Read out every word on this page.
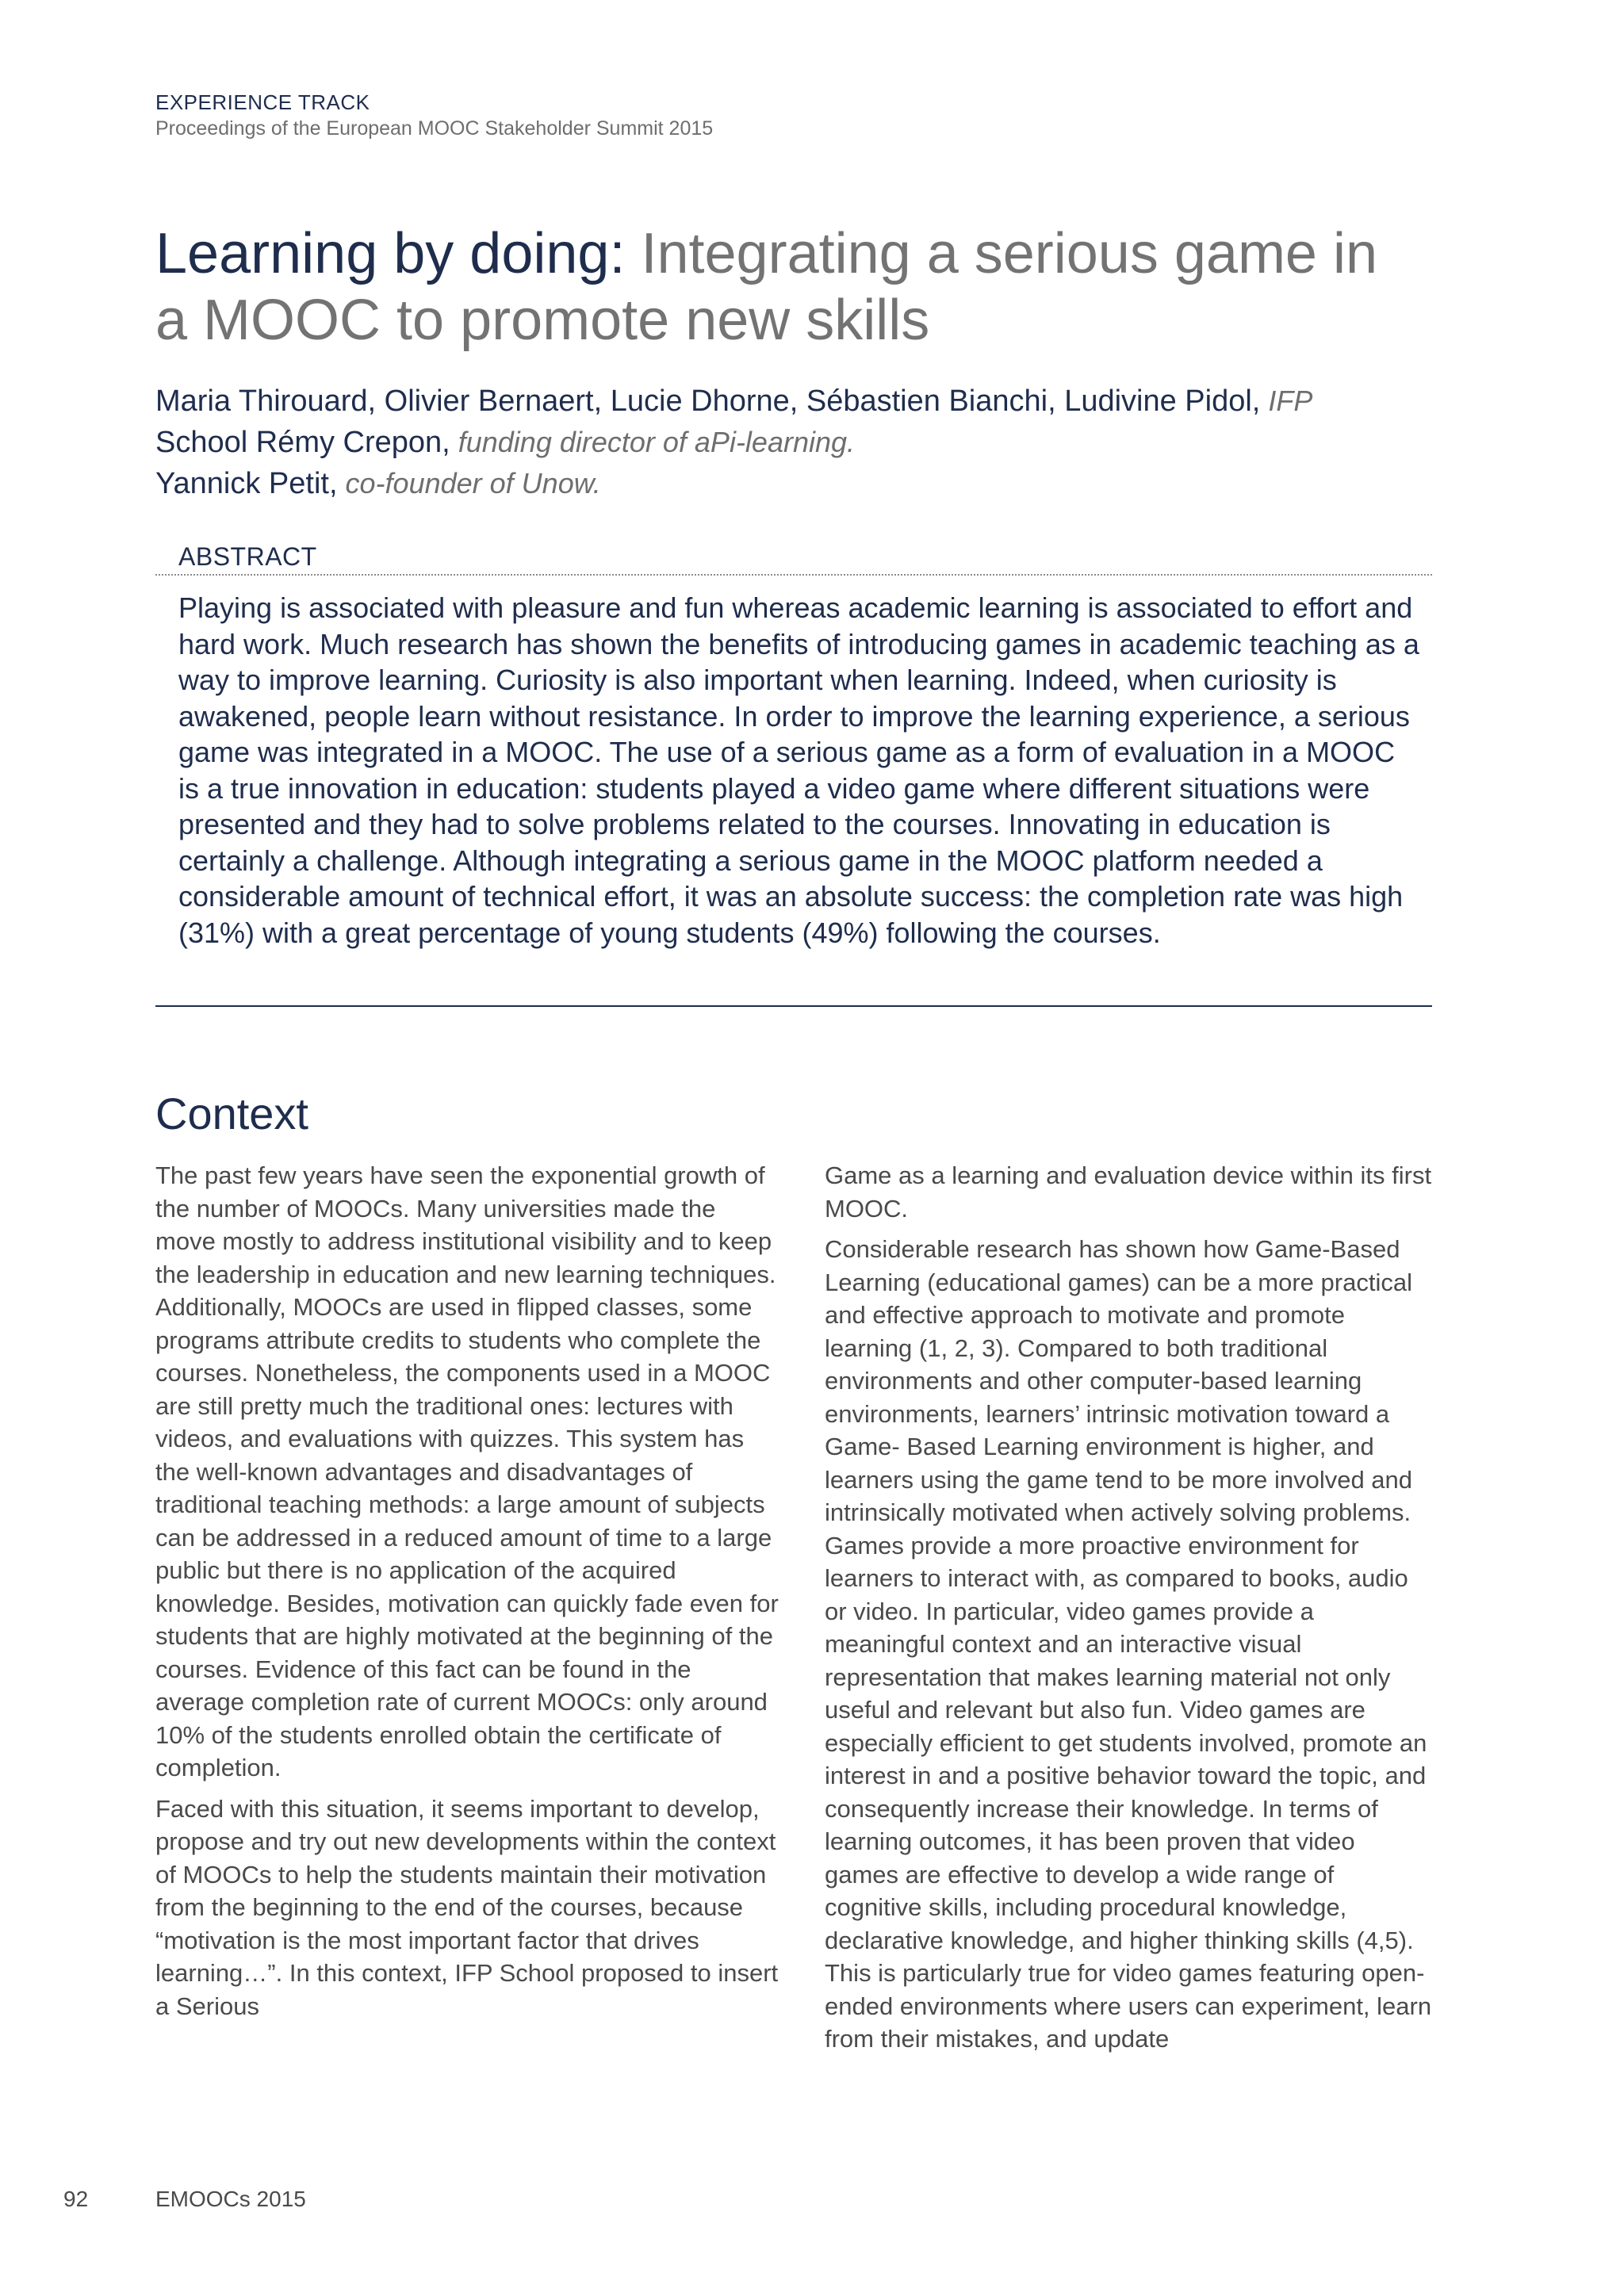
EXPERIENCE TRACK
Proceedings of the European MOOC Stakeholder Summit 2015
Learning by doing: Integrating a serious game in a MOOC to promote new skills
Maria Thirouard, Olivier Bernaert, Lucie Dhorne, Sébastien Bianchi, Ludivine Pidol, IFP
School Rémy Crepon, funding director of aPi-learning.
Yannick Petit, co-founder of Unow.
ABSTRACT

Playing is associated with pleasure and fun whereas academic learning is associated to effort and hard work. Much research has shown the benefits of introducing games in academic teaching as a way to improve learning. Curiosity is also important when learning. Indeed, when curiosity is awakened, people learn without resistance. In order to improve the learning experience, a serious game was integrated in a MOOC. The use of a serious game as a form of evaluation in a MOOC is a true innovation in education: students played a video game where different situations were presented and they had to solve problems related to the courses. Innovating in education is certainly a challenge. Although integrating a serious game in the MOOC platform needed a considerable amount of technical effort, it was an absolute success: the completion rate was high (31%) with a great percentage of young students (49%) following the courses.

Context

The past few years have seen the exponential growth of the number of MOOCs. Many universities made the move mostly to address institutional visibility and to keep the leadership in education and new learning techniques. Additionally, MOOCs are used in flipped classes, some programs attribute credits to students who complete the courses. Nonetheless, the components used in a MOOC are still pretty much the traditional ones: lectures with videos, and evaluations with quizzes. This system has the well-known advantages and disadvantages of traditional teaching methods: a large amount of subjects can be addressed in a reduced amount of time to a large public but there is no application of the acquired knowledge. Besides, motivation can quickly fade even for students that are highly motivated at the beginning of the courses. Evidence of this fact can be found in the average completion rate of current MOOCs: only around 10% of the students enrolled obtain the certificate of completion.

Faced with this situation, it seems important to develop, propose and try out new developments within the context of MOOCs to help the students maintain their motivation from the beginning to the end of the courses, because “motivation is the most important factor that drives learning…”. In this context, IFP School proposed to insert a Serious

Game as a learning and evaluation device within its first MOOC.

Considerable research has shown how Game-Based Learning (educational games) can be a more practical and effective approach to motivate and promote learning (1, 2, 3). Compared to both traditional environments and other computer-based learning environments, learners’ intrinsic motivation toward a Game- Based Learning environment is higher, and learners using the game tend to be more involved and intrinsically motivated when actively solving problems. Games provide a more proactive environment for learners to interact with, as compared to books, audio or video. In particular, video games provide a meaningful context and an interactive visual representation that makes learning material not only useful and relevant but also fun. Video games are especially efficient to get students involved, promote an interest in and a positive behavior toward the topic, and consequently increase their knowledge. In terms of learning outcomes, it has been proven that video games are effective to develop a wide range of cognitive skills, including procedural knowledge, declarative knowledge, and higher thinking skills (4,5). This is particularly true for video games featuring open-ended environments where users can experiment, learn from their mistakes, and update

92	EMOOCs 2015
